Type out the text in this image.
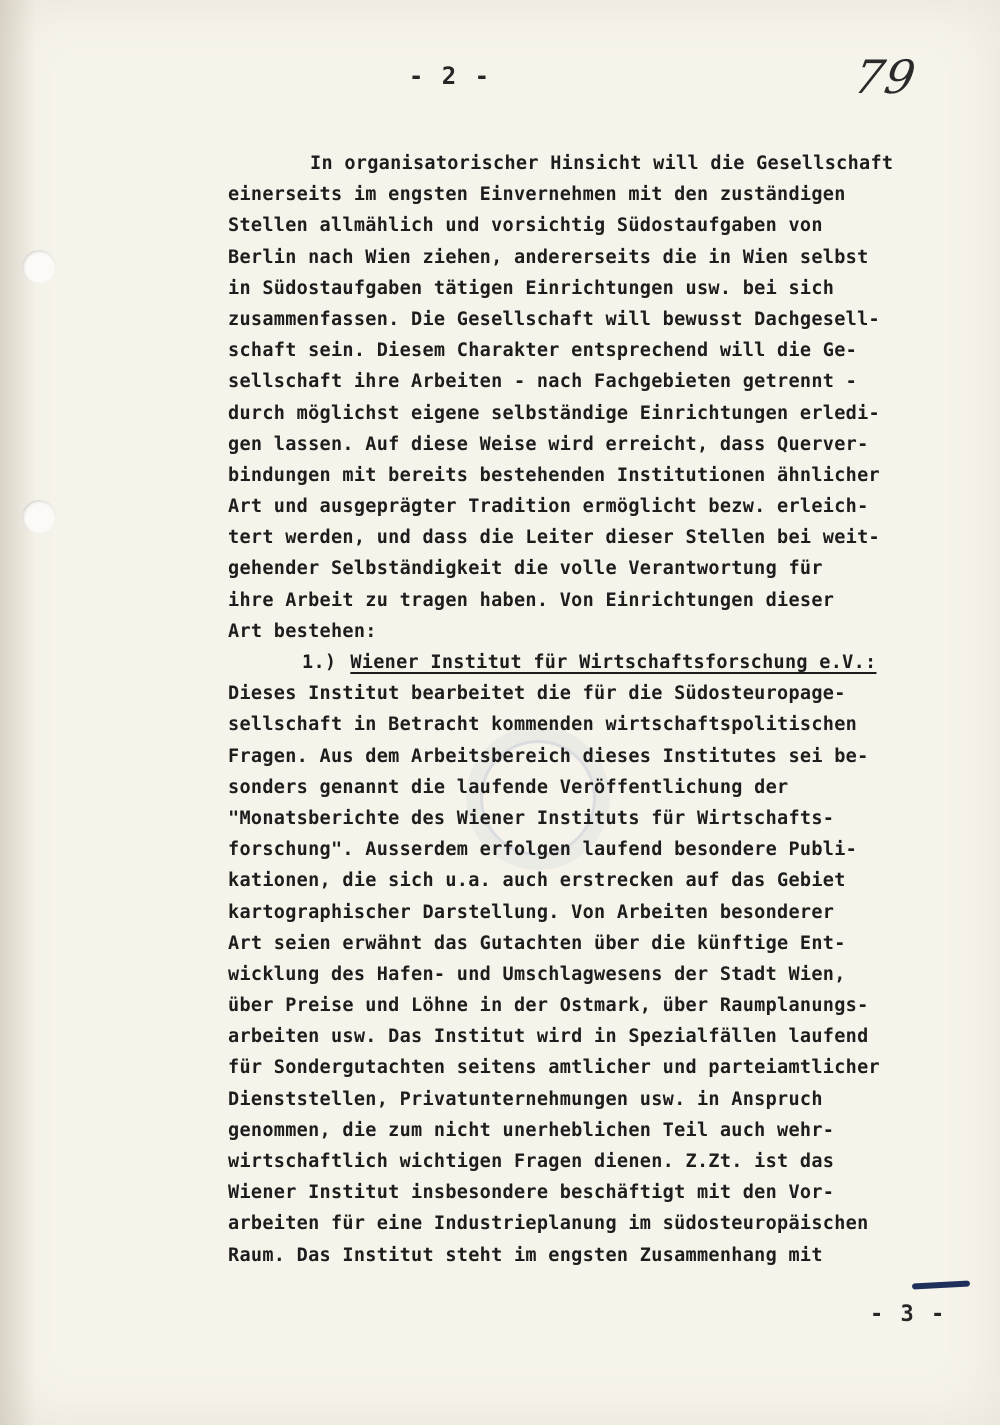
- 2 -	79
In organisatorischer Hinsicht will die Gesellschaft
einerseits im engsten Einvernehmen mit den zuständigen
Stellen allmählich und vorsichtig Südostaufgaben von
Berlin nach Wien ziehen, andererseits die in Wien selbst
in Südostaufgaben tätigen Einrichtungen usw. bei sich
zusammenfassen. Die Gesellschaft will bewusst Dachgesell-
schaft sein. Diesem Charakter entsprechend will die Ge-
sellschaft ihre Arbeiten - nach Fachgebieten getrennt -
durch möglichst eigene selbständige Einrichtungen erledi-
gen lassen. Auf diese Weise wird erreicht, dass Querver-
bindungen mit bereits bestehenden Institutionen ähnlicher
Art und ausgeprägter Tradition ermöglicht bezw. erleich-
tert werden, und dass die Leiter dieser Stellen bei weit-
gehender Selbständigkeit die volle Verantwortung für
ihre Arbeit zu tragen haben. Von Einrichtungen dieser
Art bestehen:
1.) Wiener Institut für Wirtschaftsforschung e.V.:
Dieses Institut bearbeitet die für die Südosteuropage-
sellschaft in Betracht kommenden wirtschaftspolitischen
Fragen. Aus dem Arbeitsbereich dieses Institutes sei be-
sonders genannt die laufende Veröffentlichung der
"Monatsberichte des Wiener Instituts für Wirtschafts-
forschung". Ausserdem erfolgen laufend besondere Publi-
kationen, die sich u.a. auch erstrecken auf das Gebiet
kartographischer Darstellung. Von Arbeiten besonderer
Art seien erwähnt das Gutachten über die künftige Ent-
wicklung des Hafen- und Umschlagwesens der Stadt Wien,
über Preise und Löhne in der Ostmark, über Raumplanungs-
arbeiten usw. Das Institut wird in Spezialfällen laufend
für Sondergutachten seitens amtlicher und parteiamtlicher
Dienststellen, Privatunternehmungen usw. in Anspruch
genommen, die zum nicht unerheblichen Teil auch wehr-
wirtschaftlich wichtigen Fragen dienen. Z.Zt. ist das
Wiener Institut insbesondere beschäftigt mit den Vor-
arbeiten für eine Industrieplanung im südosteuropäischen
Raum. Das Institut steht im engsten Zusammenhang mit
- 3 -
